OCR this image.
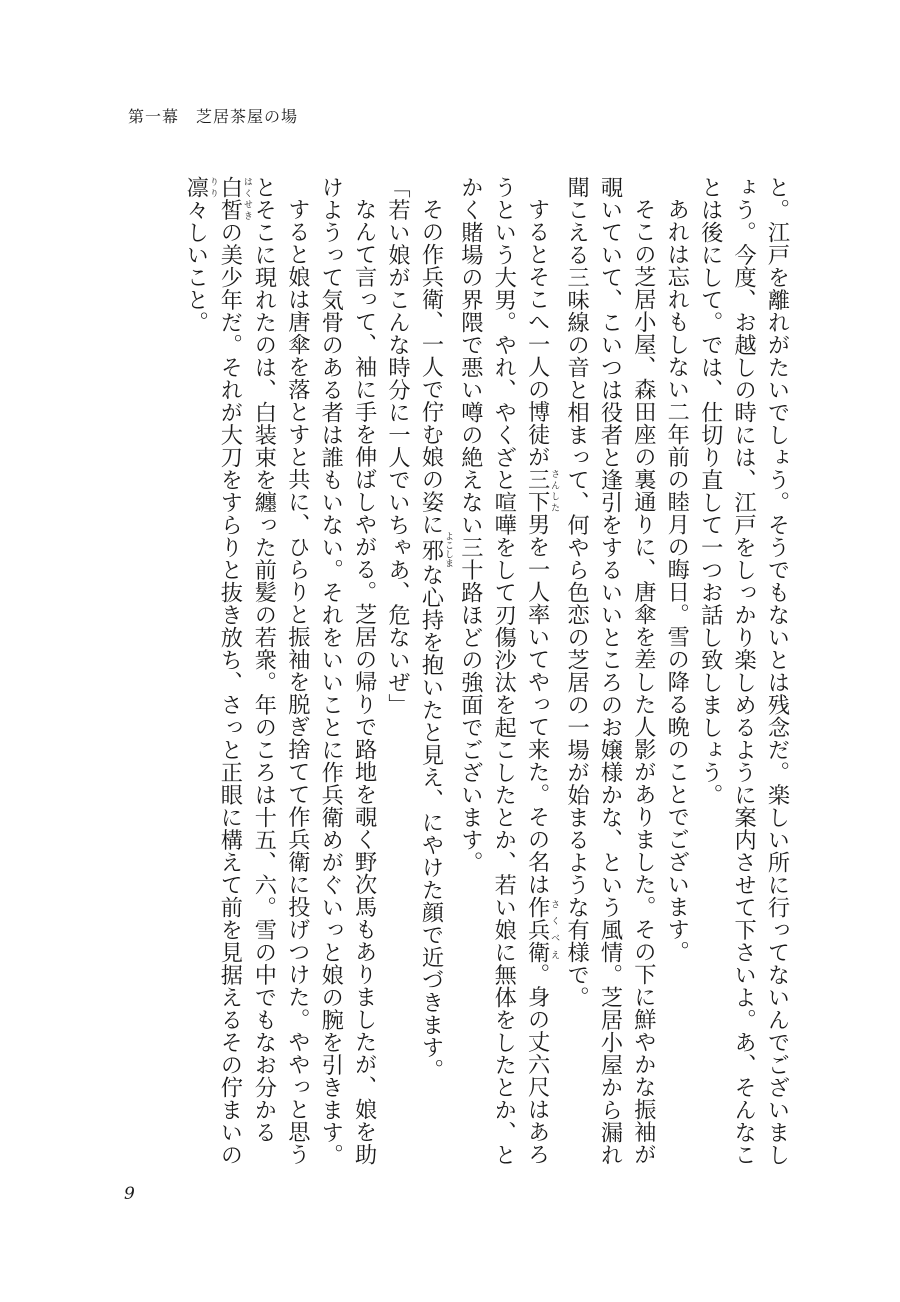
第一幕　芝居茶屋の場

と。江戸を離れがたいでしょう。そうでもないとは残念だ。楽しい所に行ってないんでございましょう。今度、お越しの時には、江戸をしっかり楽しめるように案内させて下さいよ。あ、そんなことは後にして。では、仕切り直して一つお話し致しましょう。

あれは忘れもしない二年前の睦月の晦日。雪の降る晩のことでございます。

そこの芝居小屋、森田座の裏通りに、唐傘を差した人影がありました。その下に鮮やかな振袖が覗いていて、こいつは役者と逢引をするいいところのお嬢様かな、という風情。芝居小屋から漏れ聞こえる三味線の音と相まって、何やら色恋の芝居の一場が始まるような有様で。

するとそこへ一人の博徒が三下 さんした男を一人率いてやって来た。その名は作兵衛 さくべえ。身の丈六尺はあろうという大男。やれ、やくざと喧嘩をして刃傷沙汰を起こしたとか、若い娘に無体をしたとか、とかく賭場の界隈で悪い噂の絶えない三十路ほどの強面でございます。

その作兵衛、一人で佇む娘の姿に邪 よこしまな心持を抱いたと見え、にやけた顔で近づきます。

「若い娘がこんな時分に一人でいちゃあ、危ないぜ」

なんて言って、袖に手を伸ばしやがる。芝居の帰りで路地を覗く野次馬もありましたが、娘を助けようって気骨のある者は誰もいない。それをいいことに作兵衛めがぐいっと娘の腕を引きます。

すると娘は唐傘を落とすと共に、ひらりと振袖を脱ぎ捨てて作兵衛に投げつけた。ややっと思うとそこに現れたのは、白装束を纏った前髪の若衆。年のころは十五、六。雪の中でもなお分かる白皙 はくせきの美少年だ。それが大刀をすらりと抜き放ち、さっと正眼に構えて前を見据えるその佇まいの凛 りり々しいこと。

9
